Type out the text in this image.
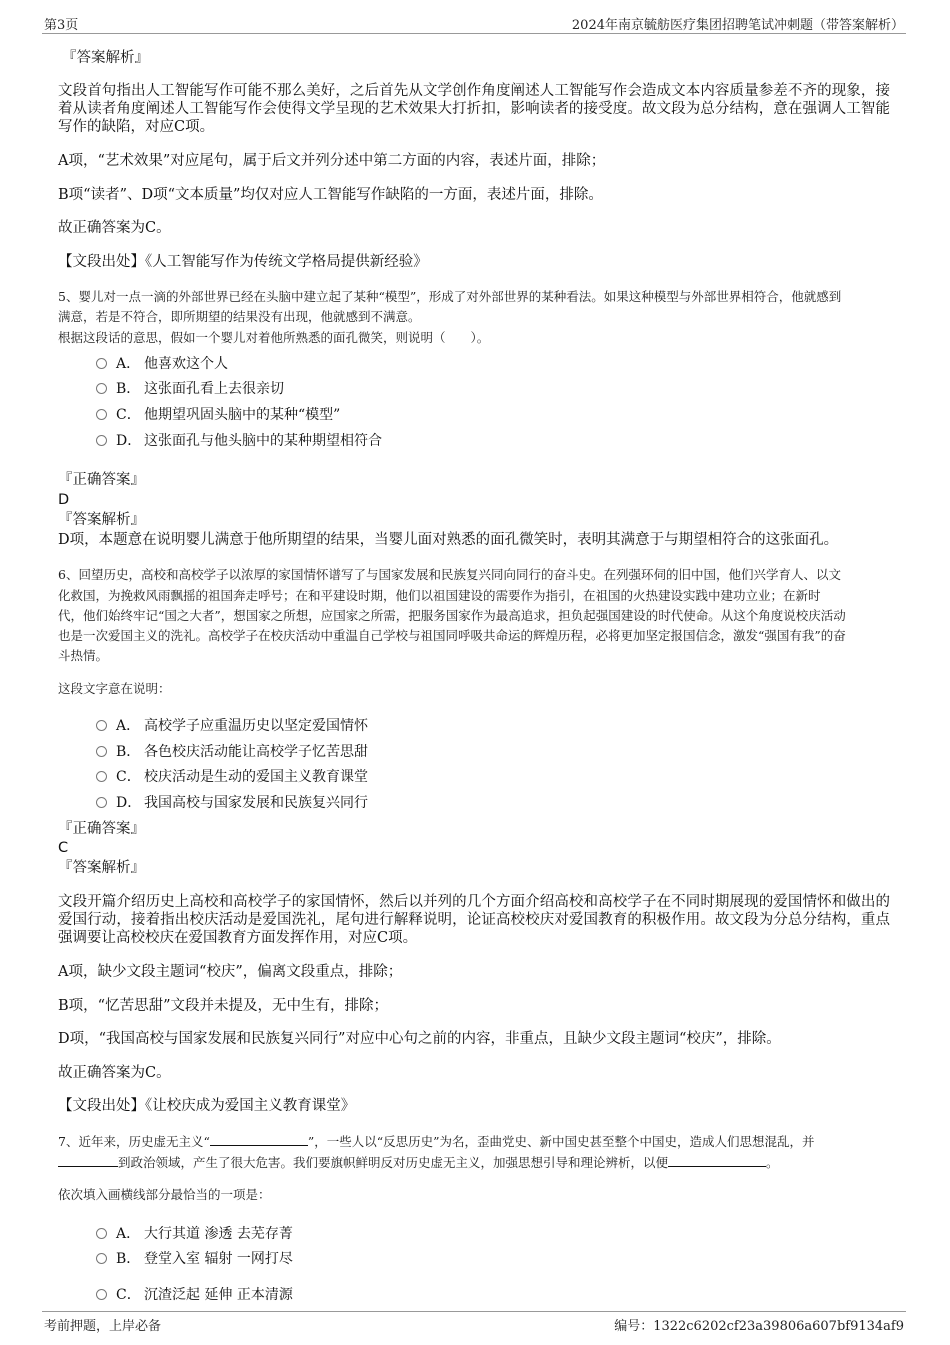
第3页	2024年南京毓舫医疗集团招聘笔试冲刺题（带答案解析）
『答案解析』
文段首句指出人工智能写作可能不那么美好，之后首先从文学创作角度阐述人工智能写作会造成文本内容质量参差不齐的现象，接着从读者角度阐述人工智能写作会使得文学呈现的艺术效果大打折扣，影响读者的接受度。故文段为总分结构，意在强调人工智能写作的缺陷，对应C项。
A项，“艺术效果”对应尾句，属于后文并列分述中第二方面的内容，表述片面，排除；
B项“读者”、D项“文本质量”均仅对应人工智能写作缺陷的一方面，表述片面，排除。
故正确答案为C。
【文段出处】《人工智能写作为传统文学格局提供新经验》
5、婴儿对一点一滴的外部世界已经在头脑中建立起了某种“模型”，形成了对外部世界的某种看法。如果这种模型与外部世界相符合，他就感到
满意，若是不符合，即所期望的结果没有出现，他就感到不满意。
根据这段话的意思，假如一个婴儿对着他所熟悉的面孔微笑，则说明（　　）。
A． 他喜欢这个人
B． 这张面孔看上去很亲切
C． 他期望巩固头脑中的某种“模型”
D． 这张面孔与他头脑中的某种期望相符合
『正确答案』
D
『答案解析』
D项，本题意在说明婴儿满意于他所期望的结果，当婴儿面对熟悉的面孔微笑时，表明其满意于与期望相符合的这张面孔。
6、回望历史，高校和高校学子以浓厚的家国情怀谱写了与国家发展和民族复兴同向同行的奋斗史。在列强环伺的旧中国，他们兴学育人、以文
化救国，为挽救风雨飘摇的祖国奔走呼号；在和平建设时期，他们以祖国建设的需要作为指引，在祖国的火热建设实践中建功立业；在新时
代，他们始终牢记“国之大者”，想国家之所想，应国家之所需，把服务国家作为最高追求，担负起强国建设的时代使命。从这个角度说校庆活动
也是一次爱国主义的洗礼。高校学子在校庆活动中重温自己学校与祖国同呼吸共命运的辉煌历程，必将更加坚定报国信念，激发“强国有我”的奋
斗热情。
这段文字意在说明：
A． 高校学子应重温历史以坚定爱国情怀
B． 各色校庆活动能让高校学子忆苦思甜
C． 校庆活动是生动的爱国主义教育课堂
D． 我国高校与国家发展和民族复兴同行
『正确答案』
C
『答案解析』
文段开篇介绍历史上高校和高校学子的家国情怀，然后以并列的几个方面介绍高校和高校学子在不同时期展现的爱国情怀和做出的爱国行动，接着指出校庆活动是爱国洗礼，尾句进行解释说明，论证高校校庆对爱国教育的积极作用。故文段为分总分结构，重点强调要让高校校庆在爱国教育方面发挥作用，对应C项。
A项，缺少文段主题词“校庆”，偏离文段重点，排除；
B项，“忆苦思甜”文段并未提及，无中生有，排除；
D项，“我国高校与国家发展和民族复兴同行”对应中心句之前的内容，非重点，且缺少文段主题词“校庆”，排除。
故正确答案为C。
【文段出处】《让校庆成为爱国主义教育课堂》
7、近年来，历史虚无主义“	”，一些人以“反思历史”为名，歪曲党史、新中国史甚至整个中国史，造成人们思想混乱，并
到政治领域，产生了很大危害。我们要旗帜鲜明反对历史虚无主义，加强思想引导和理论辨析，以便	。
依次填入画横线部分最恰当的一项是：
A． 大行其道 渗透 去芜存菁
B． 登堂入室 辐射 一网打尽
C． 沉渣泛起 延伸 正本清源
考前押题，上岸必备	编号：1322c6202cf23a39806a607bf9134af9
